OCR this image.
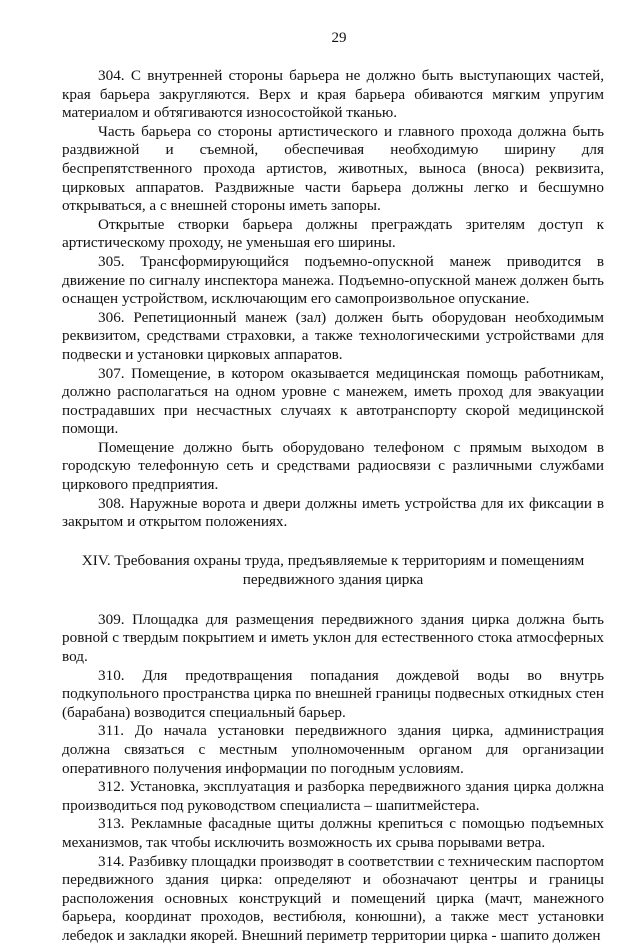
29

304. С внутренней стороны барьера не должно быть выступающих частей, края барьера закругляются. Верх и края барьера обиваются мягким упругим материалом и обтягиваются износостойкой тканью.

Часть барьера со стороны артистического и главного прохода должна быть раздвижной и съемной, обеспечивая необходимую ширину для беспрепятственного прохода артистов, животных, выноса (вноса) реквизита, цирковых аппаратов. Раздвижные части барьера должны легко и бесшумно открываться, а с внешней стороны иметь запоры.

Открытые створки барьера должны преграждать зрителям доступ к артистическому проходу, не уменьшая его ширины.

305. Трансформирующийся подъемно-опускной манеж приводится в движение по сигналу инспектора манежа. Подъемно-опускной манеж должен быть оснащен устройством, исключающим его самопроизвольное опускание.

306. Репетиционный манеж (зал) должен быть оборудован необходимым реквизитом, средствами страховки, а также технологическими устройствами для подвески и установки цирковых аппаратов.

307. Помещение, в котором оказывается медицинская помощь работникам, должно располагаться на одном уровне с манежем, иметь проход для эвакуации пострадавших при несчастных случаях к автотранспорту скорой медицинской помощи.

Помещение должно быть оборудовано телефоном с прямым выходом в городскую телефонную сеть и средствами радиосвязи с различными службами циркового предприятия.

308. Наружные ворота и двери должны иметь устройства для их фиксации в закрытом и открытом положениях.

XIV. Требования охраны труда, предъявляемые к территориям и помещениям
передвижного здания цирка

309. Площадка для размещения передвижного здания цирка должна быть ровной с твердым покрытием и иметь уклон для естественного стока атмосферных вод.

310. Для предотвращения попадания дождевой воды во внутрь подкупольного пространства цирка по внешней границы подвесных откидных стен (барабана) возводится специальный барьер.

311. До начала установки передвижного здания цирка, администрация должна связаться с местным уполномоченным органом для организации оперативного получения информации по погодным условиям.

312. Установка, эксплуатация и разборка передвижного здания цирка должна производиться под руководством специалиста – шапитмейстера.

313. Рекламные фасадные щиты должны крепиться с помощью подъемных механизмов, так чтобы исключить возможность их срыва порывами ветра.

314. Разбивку площадки производят в соответствии с техническим паспортом передвижного здания цирка: определяют и обозначают центры и границы расположения основных конструкций и помещений цирка (мачт, манежного барьера, координат проходов, вестибюля, конюшни), а также мест установки лебедок и закладки якорей. Внешний периметр территории цирка - шапито должен
